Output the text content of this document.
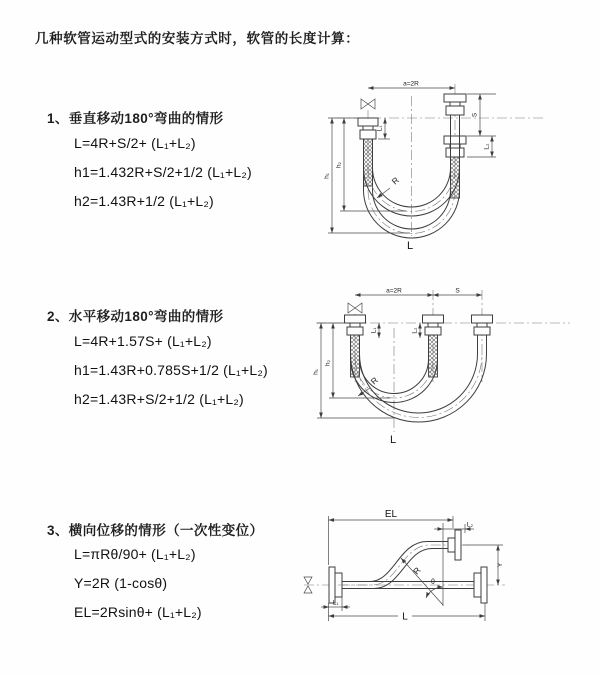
几种软管运动型式的安装方式时，软管的长度计算：
1、垂直移动180°弯曲的情形

L=4R+S/2+ (L₁+L₂)

h1=1.432R+S/2+1/2 (L₁+L₂)

h2=1.43R+1/2 (L₁+L₂)

2、水平移动180°弯曲的情形

L=4R+1.57S+ (L₁+L₂)

h1=1.43R+0.785S+1/2 (L₁+L₂)

h2=1.43R+S/2+1/2 (L₁+L₂)

3、横向位移的情形（一次性变位）

L=πRθ/90+ (L₁+L₂)

Y=2R (1-cosθ)

EL=2Rsinθ+ (L₁+L₂)

a=2R
S
L₂
L₁
h₁
h₂
R
L
a=2R	S
L₁	L₂
h₁
h₂
R
L
EL
L₂
Y
R
θ
L
L₁
